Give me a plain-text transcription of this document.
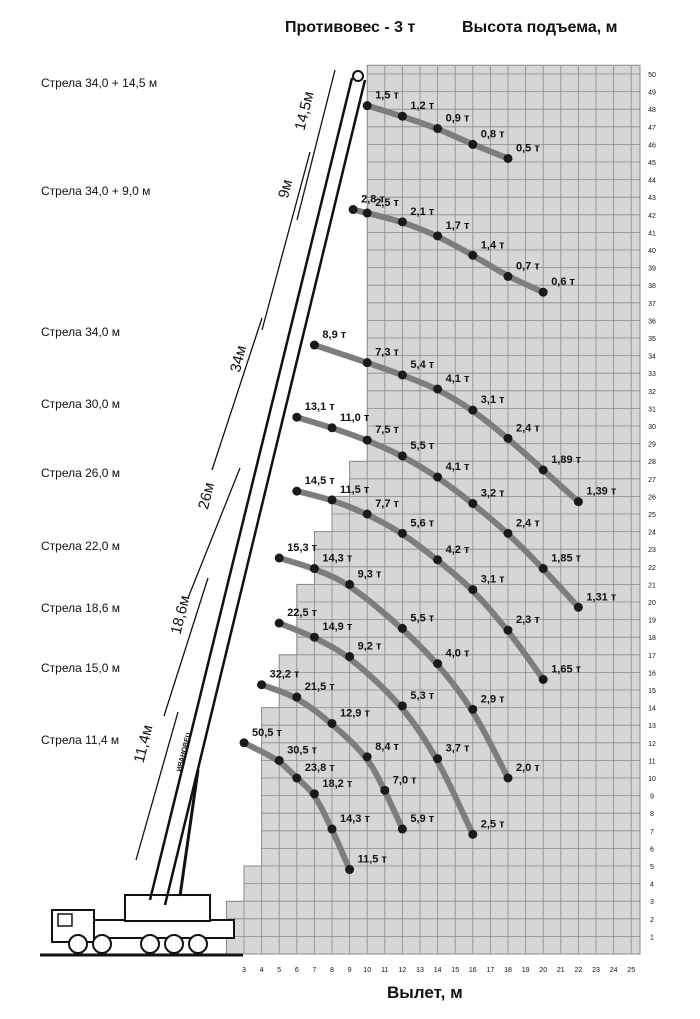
Противовес - 3 т	Высота подъема, м
Стрела 34,0 + 14,5 м
Стрела 34,0 + 9,0 м
Стрела 34,0 м
Стрела 30,0 м
Стрела 26,0 м
Стрела 22,0 м
Стрела 18,6 м
Стрела 15,0 м
Стрела 11,4 м
Вылет, м
1
2
3
4
5
6
7
8
9
10
11
12
13
14
15
16
17
18
19
20
21
22
23
24
25
26
27
28
29
30
31
32
33
34
35
36
37
38
39
40
41
42
43
44
45
46
47
48
49
50
3 4 5 6 7 8 9 10 11 12 13 14 15 16 17 18 19 20 21 22 23 24 25
14,5м
9м
34м
26м
18,6м
11,4м	ИВАНОВЕЦ
1,5 т
1,2 т
0,9 т
0,8 т
0,5 т
2,8 т
2,5 т
2,1 т
1,7 т
1,4 т
0,7 т
0,6 т
8,9 т
7,3 т
5,4 т
4,1 т
3,1 т
2,4 т
1,89 т
1,39 т
13,1 т
11,0 т
7,5 т
5,5 т
4,1 т
3,2 т
2,4 т
1,85 т
1,31 т
14,5 т
11,5 т
7,7 т
5,6 т
4,2 т
3,1 т
2,3 т
1,65 т
15,3 т
14,3 т
9,3 т
5,5 т
4,0 т
2,9 т
2,0 т
22,5 т
14,9 т
9,2 т
5,3 т
3,7 т
2,5 т
32,2 т
21,5 т
12,9 т
8,4 т
7,0 т
5,9 т
50,5 т
30,5 т
23,8 т
18,2 т
14,3 т
11,5 т
